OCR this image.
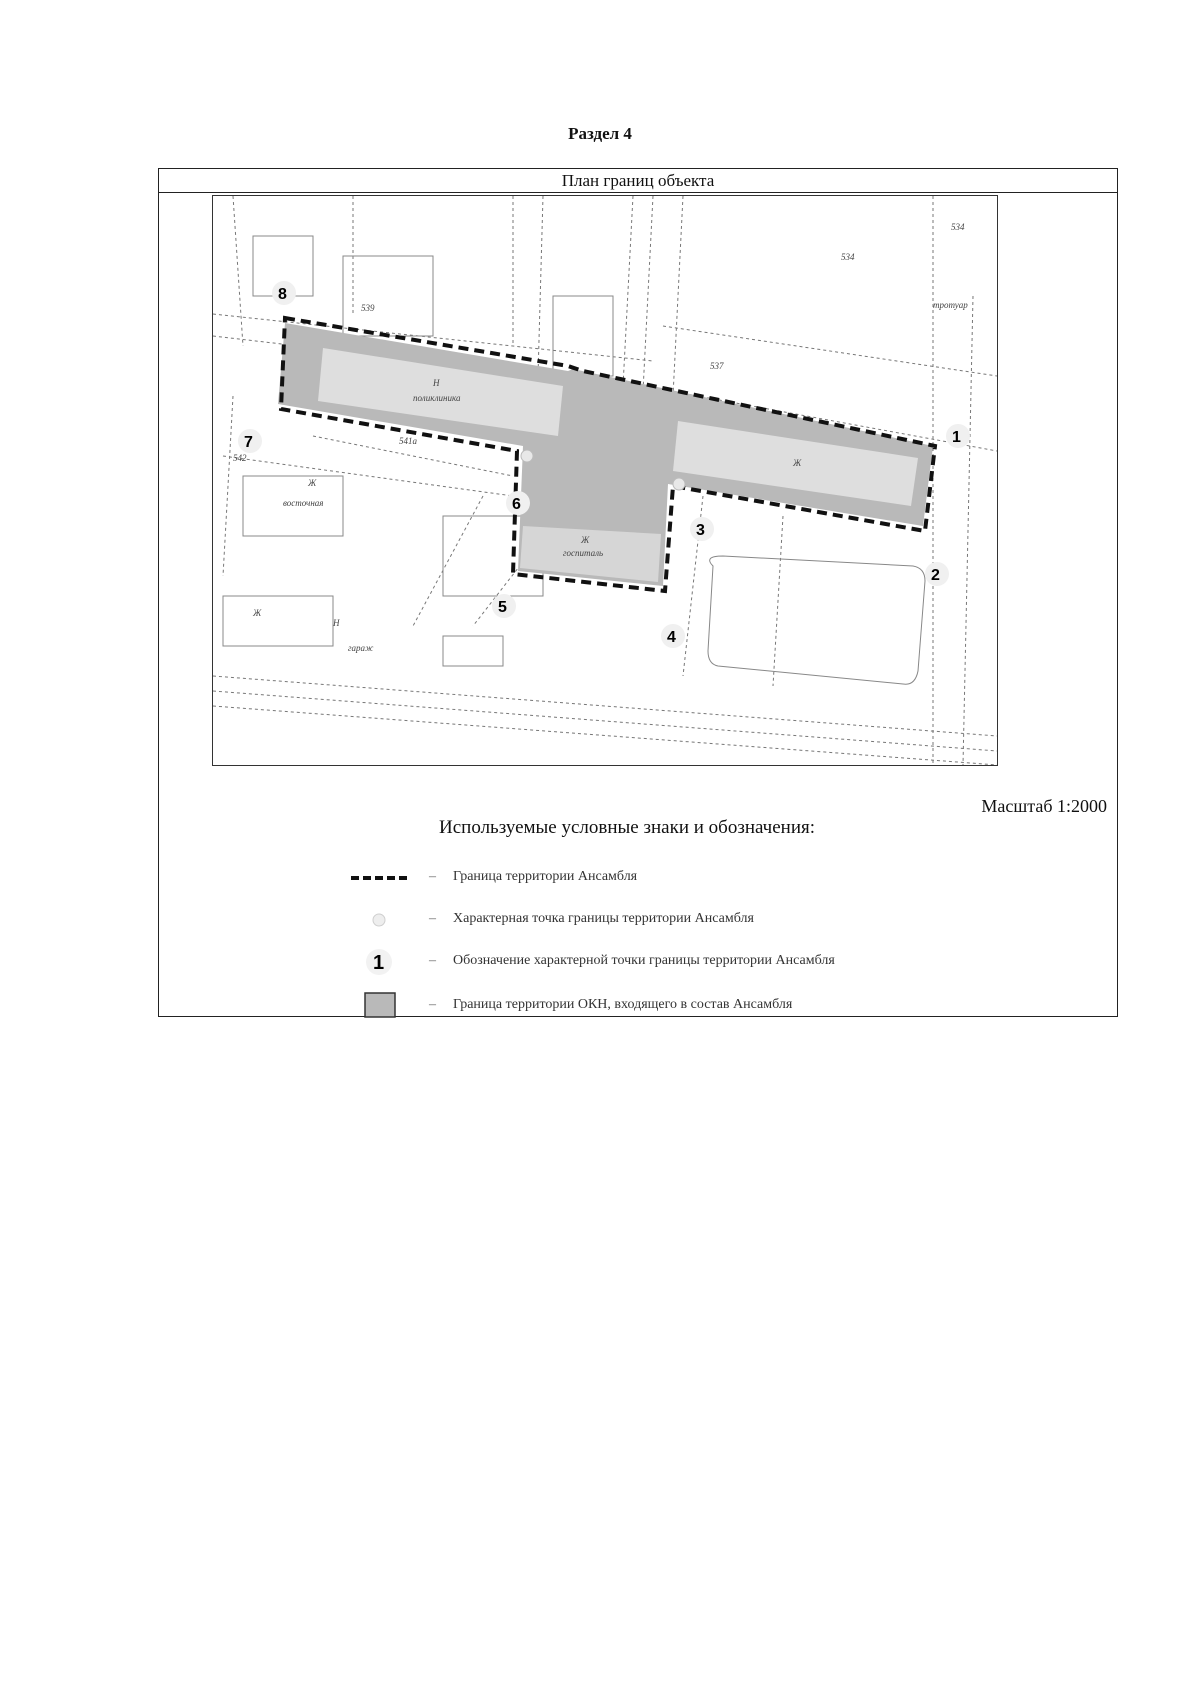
Раздел 4
План границ объекта
534
534
539
537
541а
542
тротуар
поликлиника
госпиталь
Н
Ж
Ж
Ж
Ж
Н
гараж
восточная
1
2
3
4
5
6
7
8
Масштаб 1:2000
Используемые условные знаки и обозначения:
– Граница территории Ансамбля
– Характерная точка границы территории Ансамбля
1	– Обозначение характерной точки границы территории Ансамбля
– Граница территории ОКН, входящего в состав Ансамбля
